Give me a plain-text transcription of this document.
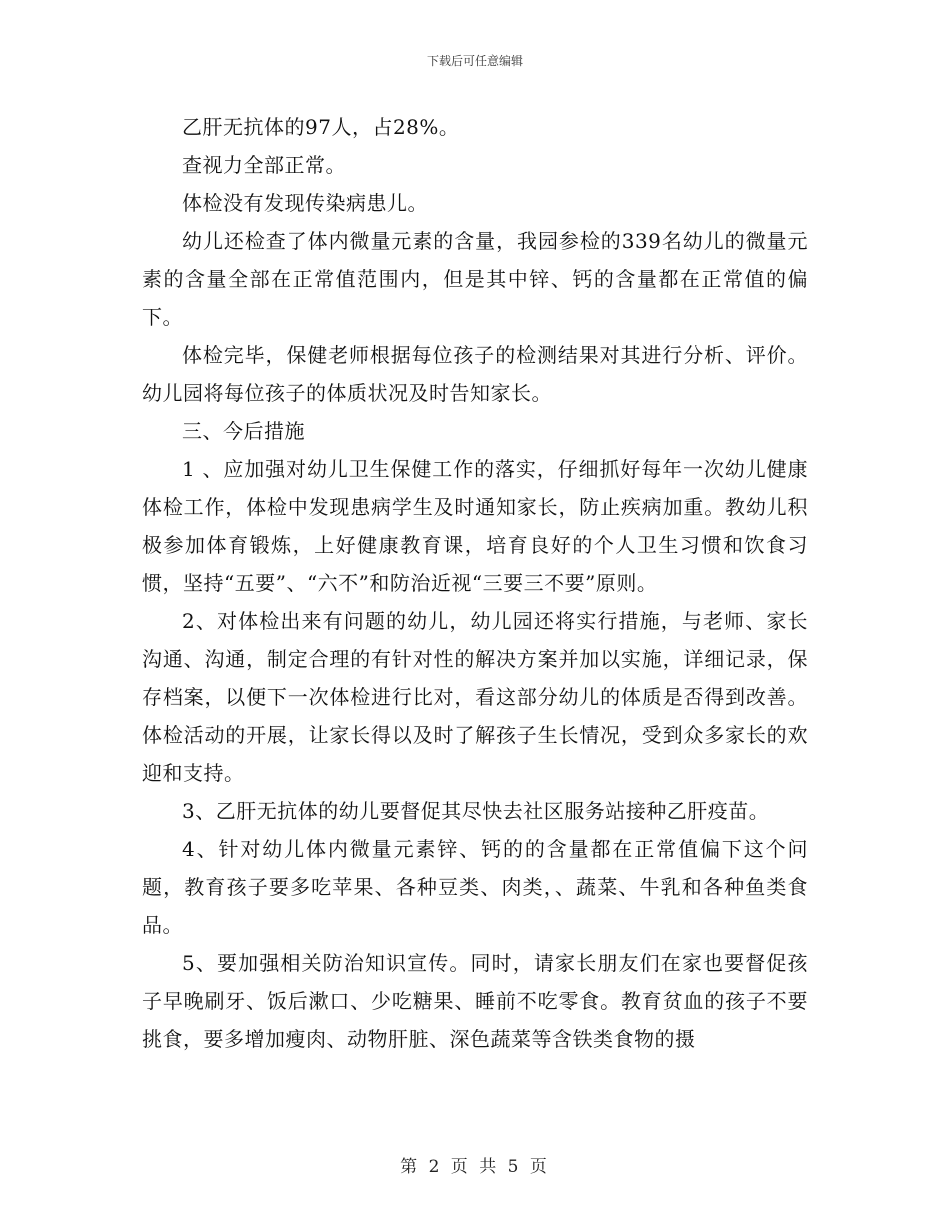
下载后可任意编辑

乙肝无抗体的97人，占28%。

查视力全部正常。

体检没有发现传染病患儿。

幼儿还检查了体内微量元素的含量，我园参检的339名幼儿的微量元素的含量全部在正常值范围内，但是其中锌、钙的含量都在正常值的偏下。

体检完毕，保健老师根据每位孩子的检测结果对其进行分析、评价。幼儿园将每位孩子的体质状况及时告知家长。

三、今后措施

1 、应加强对幼儿卫生保健工作的落实，仔细抓好每年一次幼儿健康体检工作，体检中发现患病学生及时通知家长，防止疾病加重。教幼儿积极参加体育锻炼，上好健康教育课，培育良好的个人卫生习惯和饮食习惯，坚持“五要”、“六不”和防治近视“三要三不要”原则。

2、对体检出来有问题的幼儿，幼儿园还将实行措施，与老师、家长沟通、沟通，制定合理的有针对性的解决方案并加以实施，详细记录，保存档案，以便下一次体检进行比对，看这部分幼儿的体质是否得到改善。体检活动的开展，让家长得以及时了解孩子生长情况，受到众多家长的欢迎和支持。

3、乙肝无抗体的幼儿要督促其尽快去社区服务站接种乙肝疫苗。

4、针对幼儿体内微量元素锌、钙的的含量都在正常值偏下这个问题，教育孩子要多吃苹果、各种豆类、肉类，、蔬菜、牛乳和各种鱼类食品。

5、要加强相关防治知识宣传。同时，请家长朋友们在家也要督促孩子早晚刷牙、饭后漱口、少吃糖果、睡前不吃零食。教育贫血的孩子不要挑食，要多增加瘦肉、动物肝脏、深色蔬菜等含铁类食物的摄

第 2 页 共 5 页
